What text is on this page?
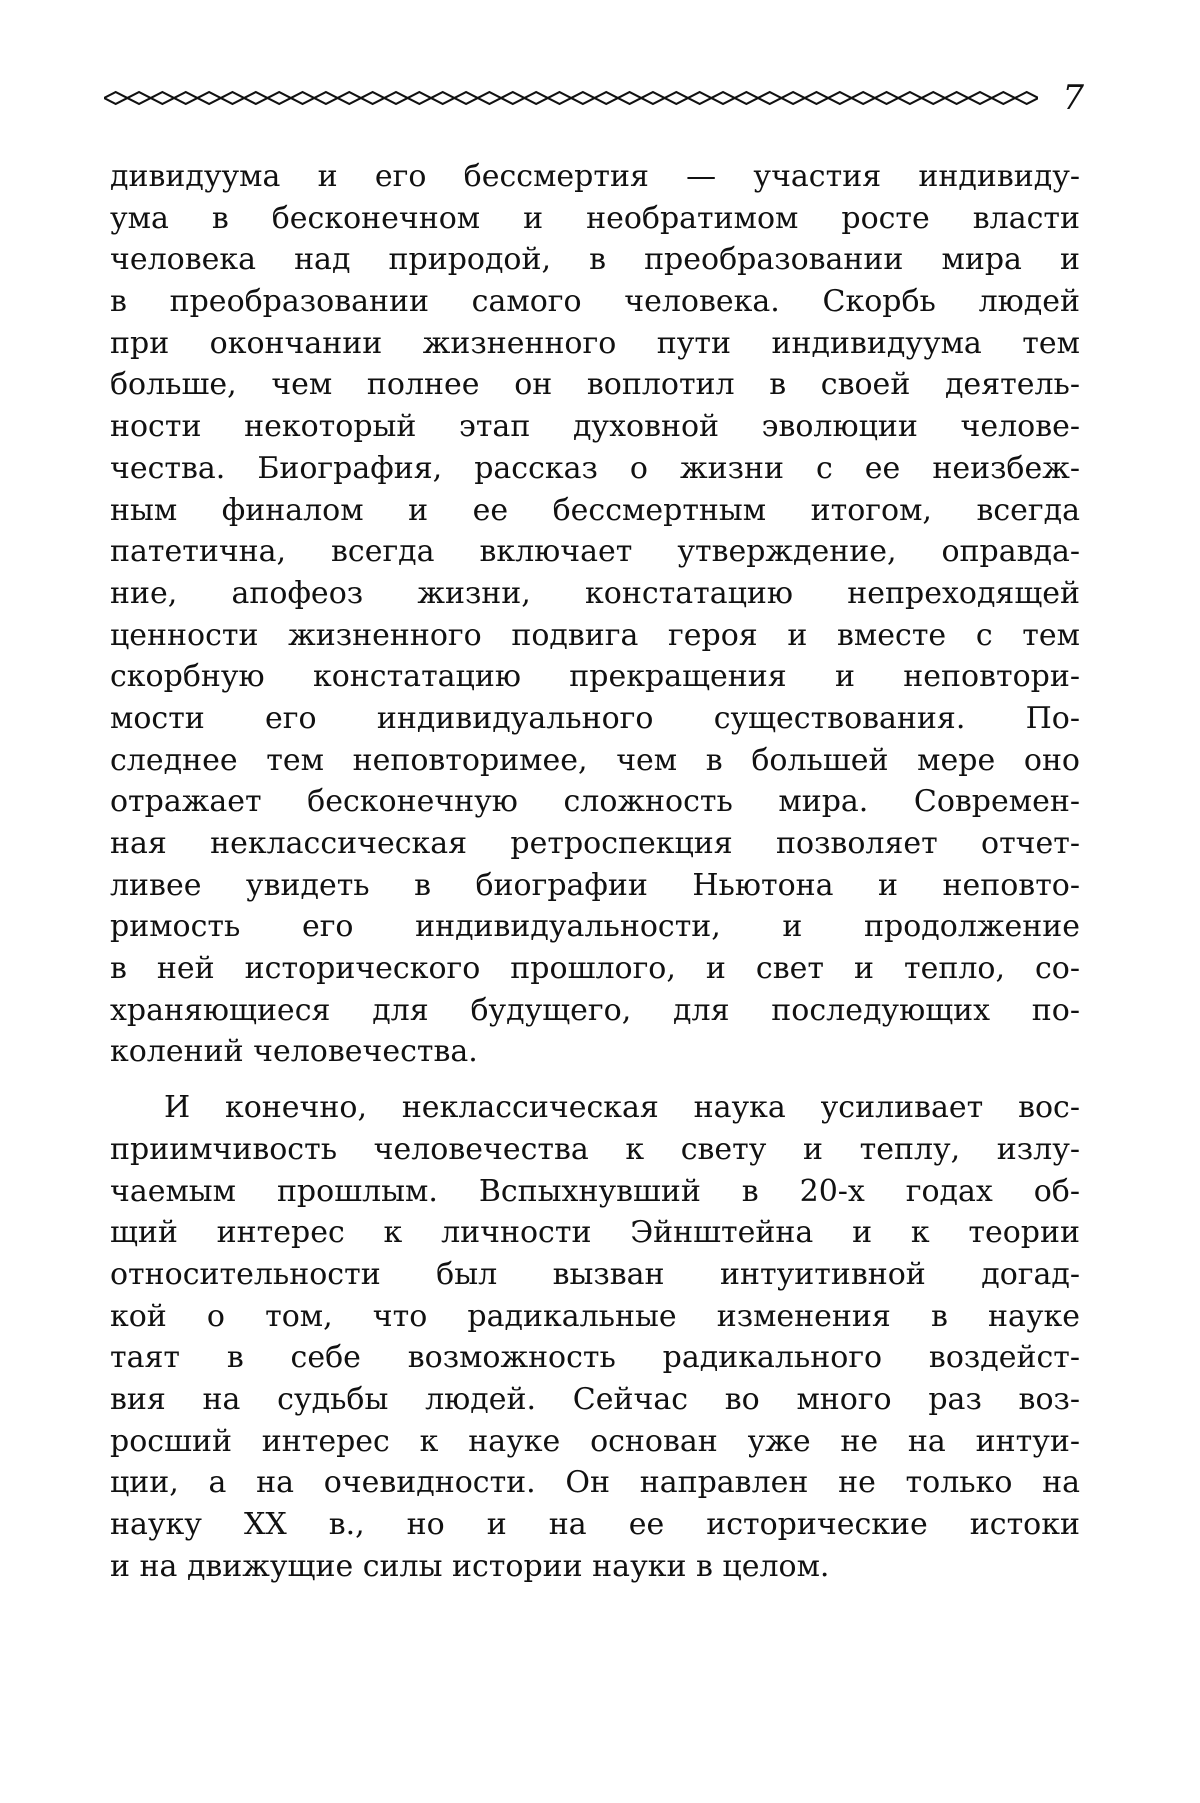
7

дивидуума и его бессмертия — участия индивиду-
ума в бесконечном и необратимом росте власти
человека над природой, в преобразовании мира и
в преобразовании самого человека. Скорбь людей
при окончании жизненного пути индивидуума тем
больше, чем полнее он воплотил в своей деятель-
ности некоторый этап духовной эволюции челове-
чества. Биография, рассказ о жизни с ее неизбеж-
ным финалом и ее бессмертным итогом, всегда
патетична, всегда включает утверждение, оправда-
ние, апофеоз жизни, констатацию непреходящей
ценности жизненного подвига героя и вместе с тем
скорбную констатацию прекращения и неповтори-
мости его индивидуального существования. По-
следнее тем неповторимее, чем в большей мере оно
отражает бесконечную сложность мира. Современ-
ная неклассическая ретроспекция позволяет отчет-
ливее увидеть в биографии Ньютона и неповто-
римость его индивидуальности, и продолжение
в ней исторического прошлого, и свет и тепло, со-
храняющиеся для будущего, для последующих по-
колений человечества.

И конечно, неклассическая наука усиливает вос-
приимчивость человечества к свету и теплу, излу-
чаемым прошлым. Вспыхнувший в 20-х годах об-
щий интерес к личности Эйнштейна и к теории
относительности был вызван интуитивной догад-
кой о том, что радикальные изменения в науке
таят в себе возможность радикального воздейст-
вия на судьбы людей. Сейчас во много раз воз-
росший интерес к науке основан уже не на интуи-
ции, а на очевидности. Он направлен не только на
науку XX в., но и на ее исторические истоки
и на движущие силы истории науки в целом.
